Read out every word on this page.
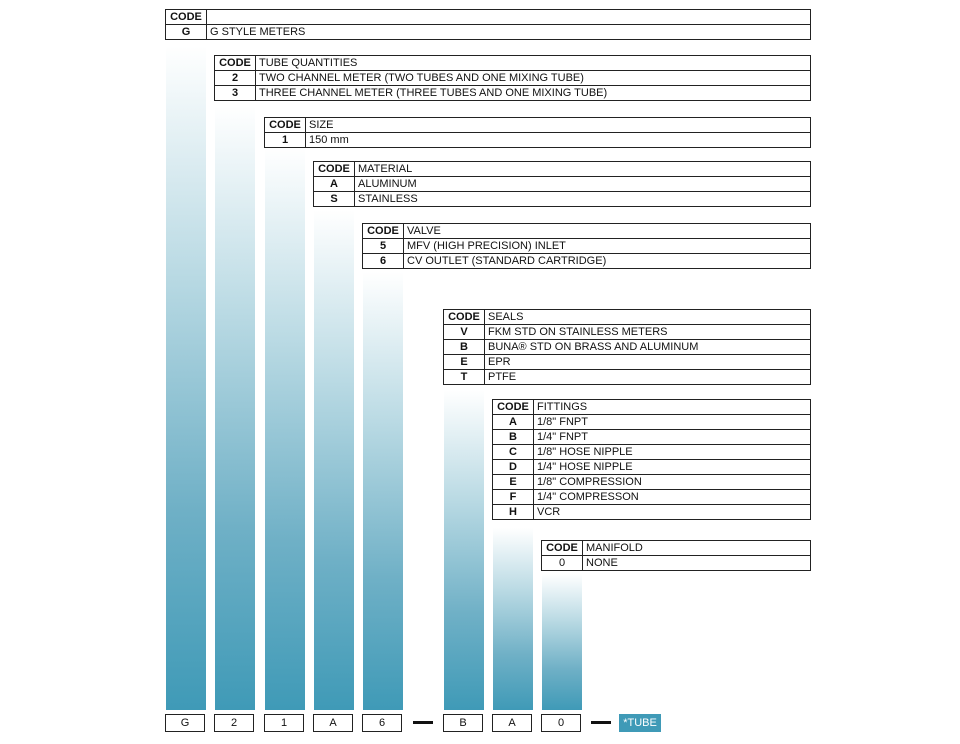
CODE	
G	G STYLE METERS
CODE	TUBE QUANTITIES
2	TWO CHANNEL METER (TWO TUBES AND ONE MIXING TUBE)
3	THREE CHANNEL METER (THREE TUBES AND ONE MIXING TUBE)
CODE	SIZE
1	150 mm
CODE	MATERIAL
A	ALUMINUM
S	STAINLESS
CODE	VALVE
5	MFV (HIGH PRECISION) INLET
6	CV OUTLET (STANDARD CARTRIDGE)
CODE	SEALS
V	FKM STD ON STAINLESS METERS
B	BUNA® STD ON BRASS AND ALUMINUM
E	EPR
T	PTFE
CODE	FITTINGS
A	1/8" FNPT
B	1/4" FNPT
C	1/8" HOSE NIPPLE
D	1/4" HOSE NIPPLE
E	1/8" COMPRESSION
F	1/4" COMPRESSON
H	VCR
CODE	MANIFOLD
0	NONE
G	2	1	A	6	B	A	0	*TUBE
